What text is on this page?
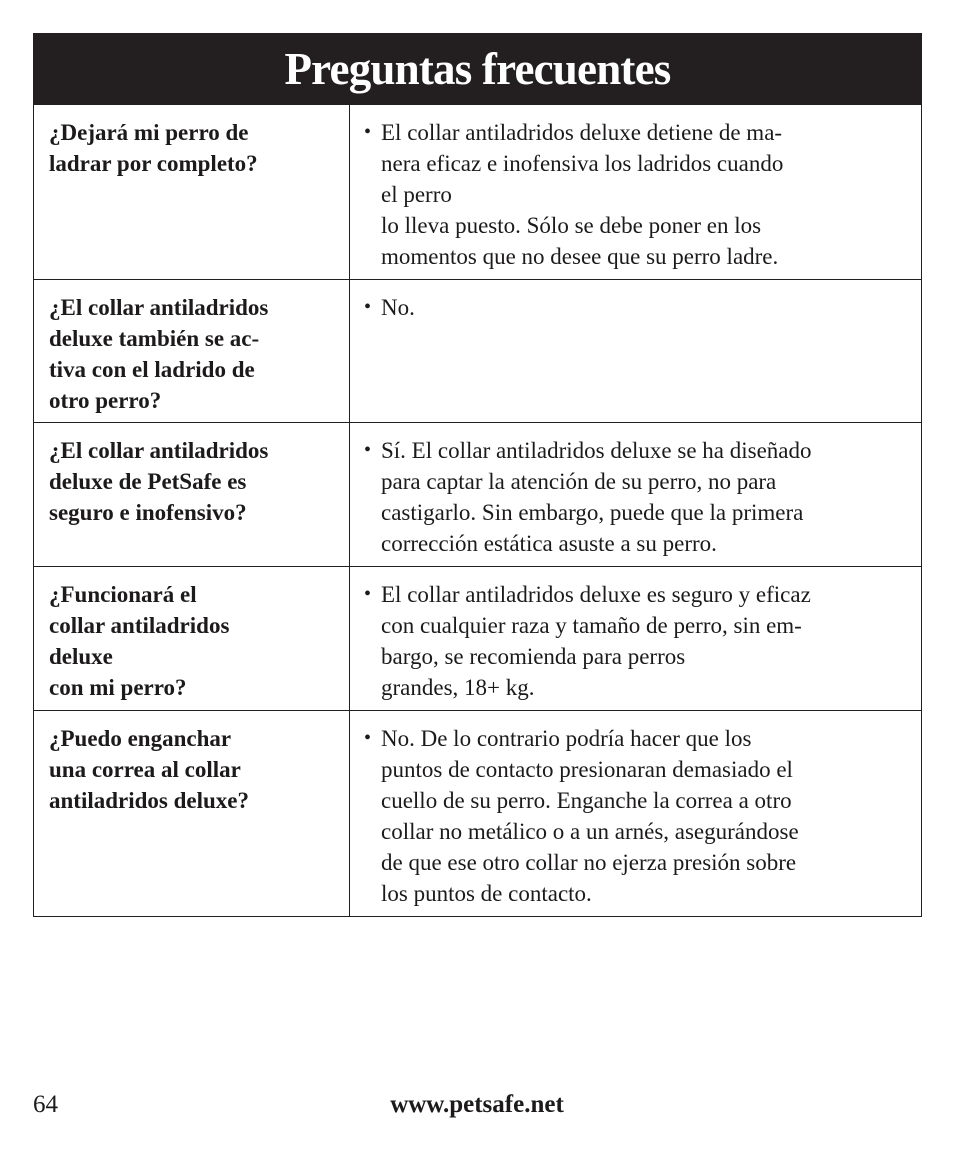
Preguntas frecuentes
¿Dejará mi perro de
ladrar por completo?
• El collar antiladridos deluxe detiene de ma-
nera eficaz e inofensiva los ladridos cuando
el perro
lo lleva puesto. Sólo se debe poner en los
momentos que no desee que su perro ladre.
¿El collar antiladridos
deluxe también se ac-
tiva con el ladrido de
otro perro?
• No.
¿El collar antiladridos
deluxe de PetSafe es
seguro e inofensivo?
• Sí. El collar antiladridos deluxe se ha diseñado
para captar la atención de su perro, no para
castigarlo. Sin embargo, puede que la primera
corrección estática asuste a su perro.
¿Funcionará el
collar antiladridos
deluxe
con mi perro?
• El collar antiladridos deluxe es seguro y eficaz
con cualquier raza y tamaño de perro, sin em-
bargo, se recomienda para perros
grandes, 18+ kg.
¿Puedo enganchar
una correa al collar
antiladridos deluxe?
• No. De lo contrario podría hacer que los
puntos de contacto presionaran demasiado el
cuello de su perro. Enganche la correa a otro
collar no metálico o a un arnés, asegurándose
de que ese otro collar no ejerza presión sobre
los puntos de contacto.
64	www.petsafe.net
